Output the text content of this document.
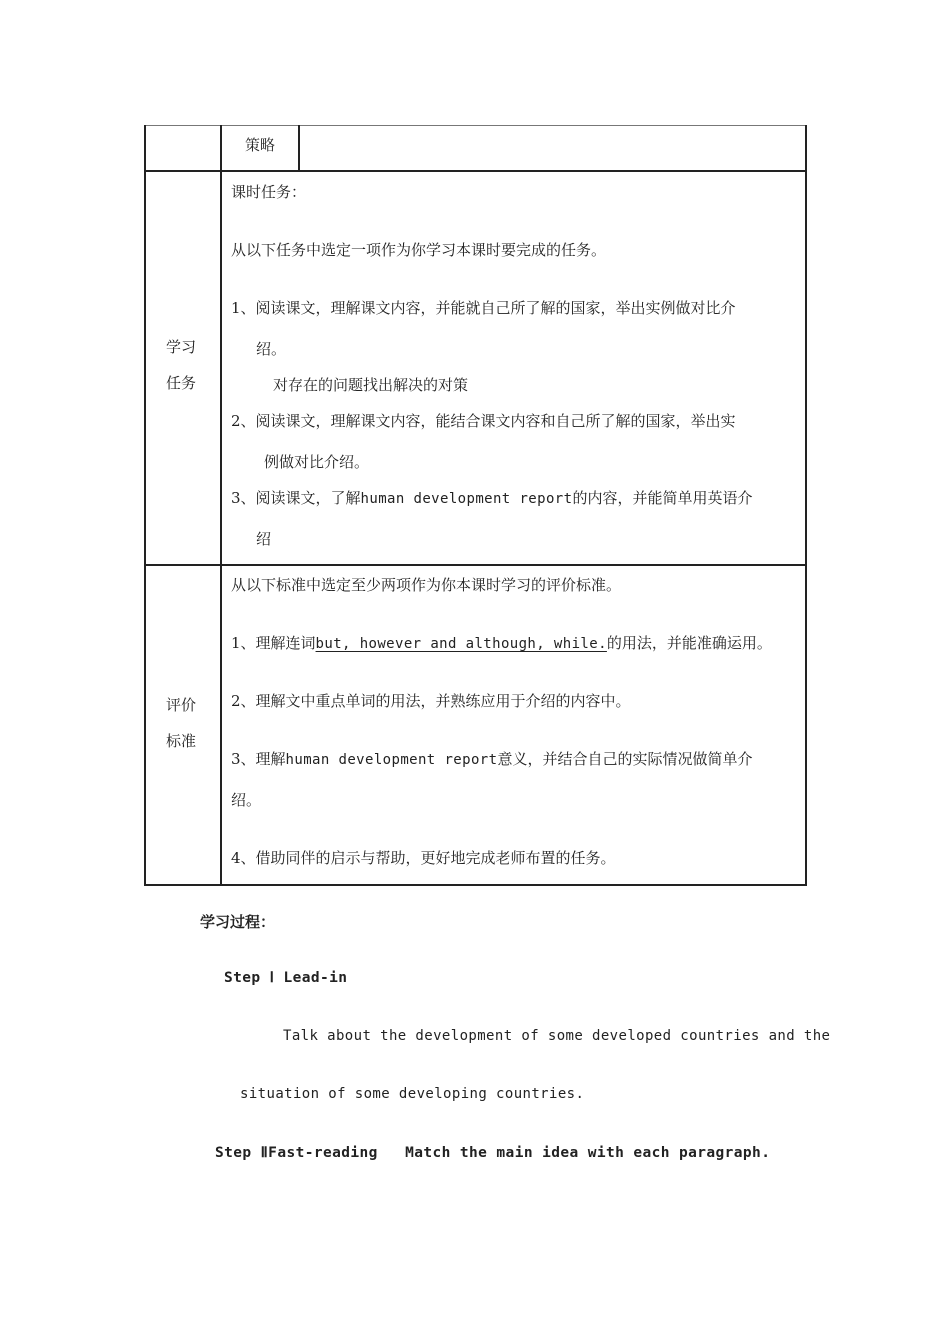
策略
学习
任务
课时任务：
从以下任务中选定一项作为你学习本课时要完成的任务。
1、阅读课文，理解课文内容，并能就自己所了解的国家，举出实例做对比介
绍。
对存在的问题找出解决的对策
2、阅读课文，理解课文内容，能结合课文内容和自己所了解的国家，举出实
例做对比介绍。
3、阅读课文，了解human development report的内容，并能简单用英语介
绍
评价
标准
从以下标准中选定至少两项作为你本课时学习的评价标准。
1、理解连词but, however and although, while.的用法，并能准确运用。
2、理解文中重点单词的用法，并熟练应用于介绍的内容中。
3、理解human development report意义，并结合自己的实际情况做简单介
绍。
4、借助同伴的启示与帮助，更好地完成老师布置的任务。
学习过程：
Step Ⅰ Lead-in
Talk about the development of some developed countries and the
situation of some developing countries.
Step ⅡFast-reading   Match the main idea with each paragraph.
